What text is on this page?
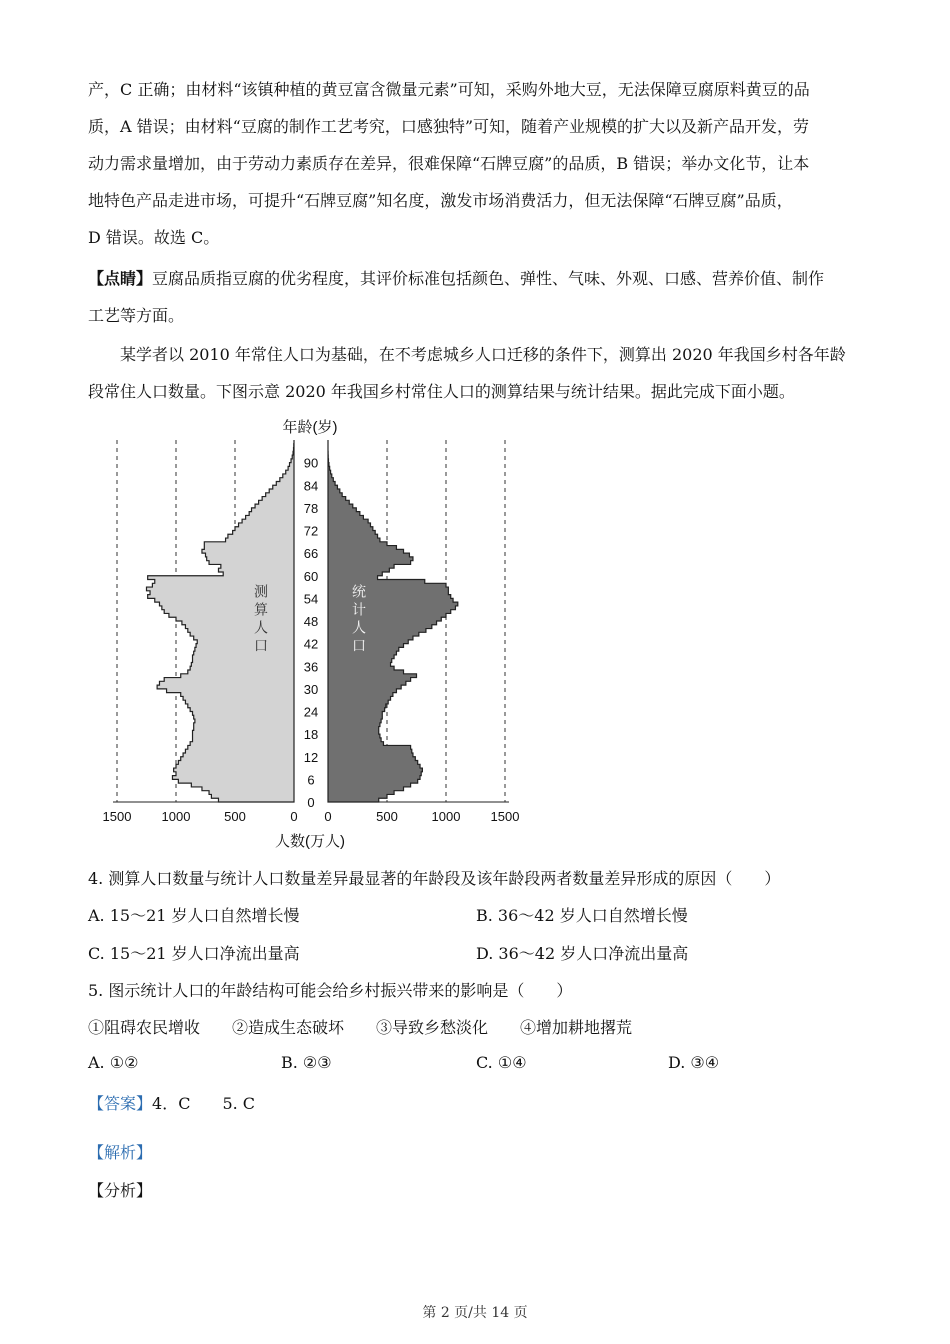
产，C 正确；由材料“该镇种植的黄豆富含微量元素”可知，采购外地大豆，无法保障豆腐原料黄豆的品
质，A 错误；由材料“豆腐的制作工艺考究，口感独特”可知，随着产业规模的扩大以及新产品开发，劳
动力需求量增加，由于劳动力素质存在差异，很难保障“石牌豆腐”的品质，B 错误；举办文化节，让本
地特色产品走进市场，可提升“石牌豆腐”知名度，激发市场消费活力，但无法保障“石牌豆腐”品质，
D 错误。故选 C。
【点睛】豆腐品质指豆腐的优劣程度，其评价标准包括颜色、弹性、气味、外观、口感、营养价值、制作
工艺等方面。
某学者以 2010 年常住人口为基础，在不考虑城乡人口迁移的条件下，测算出 2020 年我国乡村各年龄
段常住人口数量。下图示意 2020 年我国乡村常住人口的测算结果与统计结果。据此完成下面小题。
0
6
12
18
24
30
36
42
48
54
60
66
72
78
84
90
1500 1000	500	0 0	500	1000 1500
年龄(岁)
人数(万人)
测算人口	统计人口
4. 测算人口数量与统计人口数量差异最显著的年龄段及该年龄段两者数量差异形成的原因（　　）
A. 15～21 岁人口自然增长慢	B. 36～42 岁人口自然增长慢
C. 15～21 岁人口净流出量高	D. 36～42 岁人口净流出量高
5. 图示统计人口的年龄结构可能会给乡村振兴带来的影响是（　　）
①阻碍农民增收　　②造成生态破坏　　③导致乡愁淡化　　④增加耕地撂荒
A. ①②	B. ②③	C. ①④	D. ③④
【答案】4．C　　5. C
【解析】
【分析】
第 2 页/共 14 页
